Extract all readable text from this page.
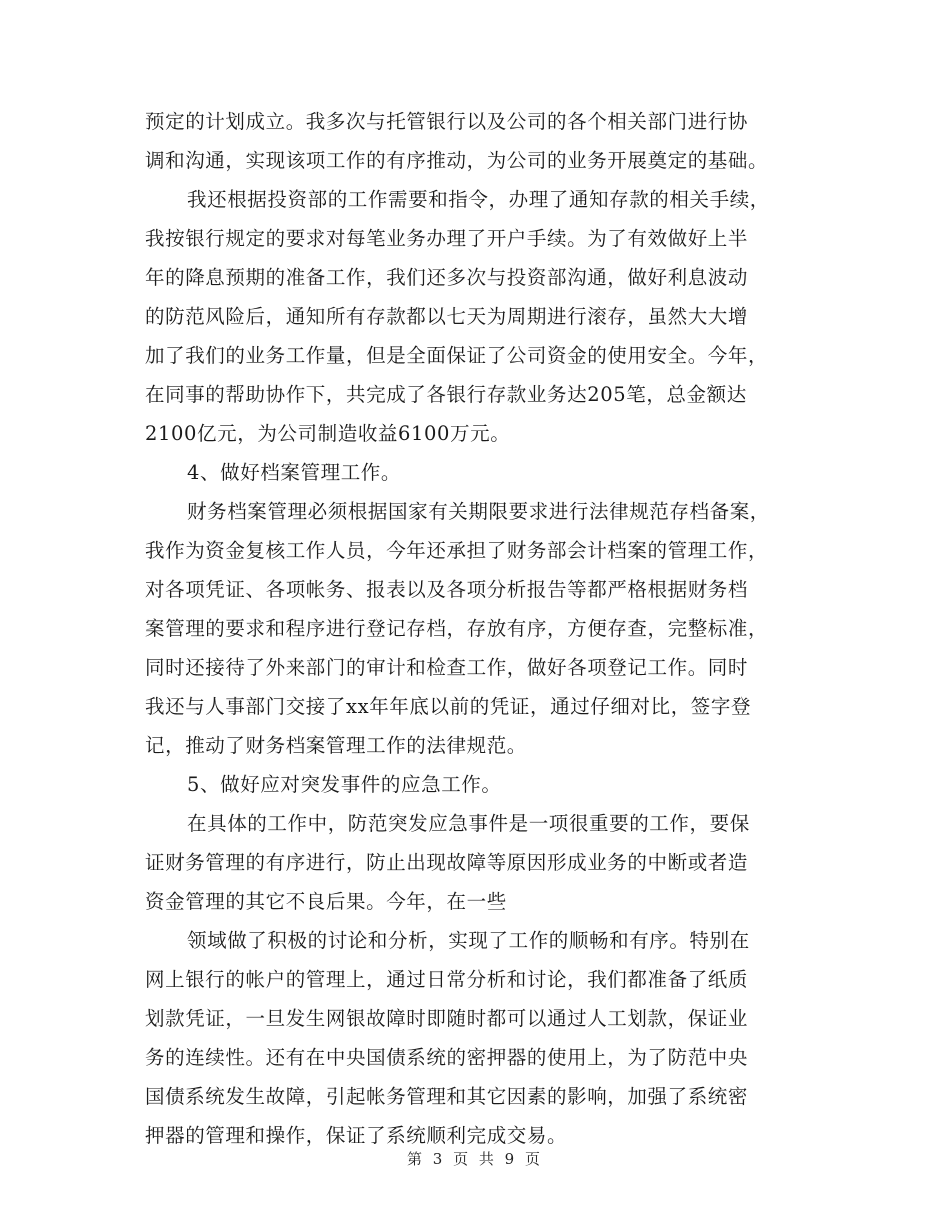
预定的计划成立。我多次与托管银行以及公司的各个相关部门进行协
调和沟通，实现该项工作的有序推动，为公司的业务开展奠定的基础。
我还根据投资部的工作需要和指令，办理了通知存款的相关手续，
我按银行规定的要求对每笔业务办理了开户手续。为了有效做好上半
年的降息预期的准备工作，我们还多次与投资部沟通，做好利息波动
的防范风险后，通知所有存款都以七天为周期进行滚存，虽然大大增
加了我们的业务工作量，但是全面保证了公司资金的使用安全。今年，
在同事的帮助协作下，共完成了各银行存款业务达205笔，总金额达
2100亿元，为公司制造收益6100万元。
4、做好档案管理工作。
财务档案管理必须根据国家有关期限要求进行法律规范存档备案，
我作为资金复核工作人员，今年还承担了财务部会计档案的管理工作，
对各项凭证、各项帐务、报表以及各项分析报告等都严格根据财务档
案管理的要求和程序进行登记存档，存放有序，方便存查，完整标准，
同时还接待了外来部门的审计和检查工作，做好各项登记工作。同时
我还与人事部门交接了xx年年底以前的凭证，通过仔细对比，签字登
记，推动了财务档案管理工作的法律规范。
5、做好应对突发事件的应急工作。
在具体的工作中，防范突发应急事件是一项很重要的工作，要保
证财务管理的有序进行，防止出现故障等原因形成业务的中断或者造
资金管理的其它不良后果。今年，在一些
领域做了积极的讨论和分析，实现了工作的顺畅和有序。特别在
网上银行的帐户的管理上，通过日常分析和讨论，我们都准备了纸质
划款凭证，一旦发生网银故障时即随时都可以通过人工划款，保证业
务的连续性。还有在中央国债系统的密押器的使用上，为了防范中央
国债系统发生故障，引起帐务管理和其它因素的影响，加强了系统密
押器的管理和操作，保证了系统顺利完成交易。
第 3 页 共 9 页
